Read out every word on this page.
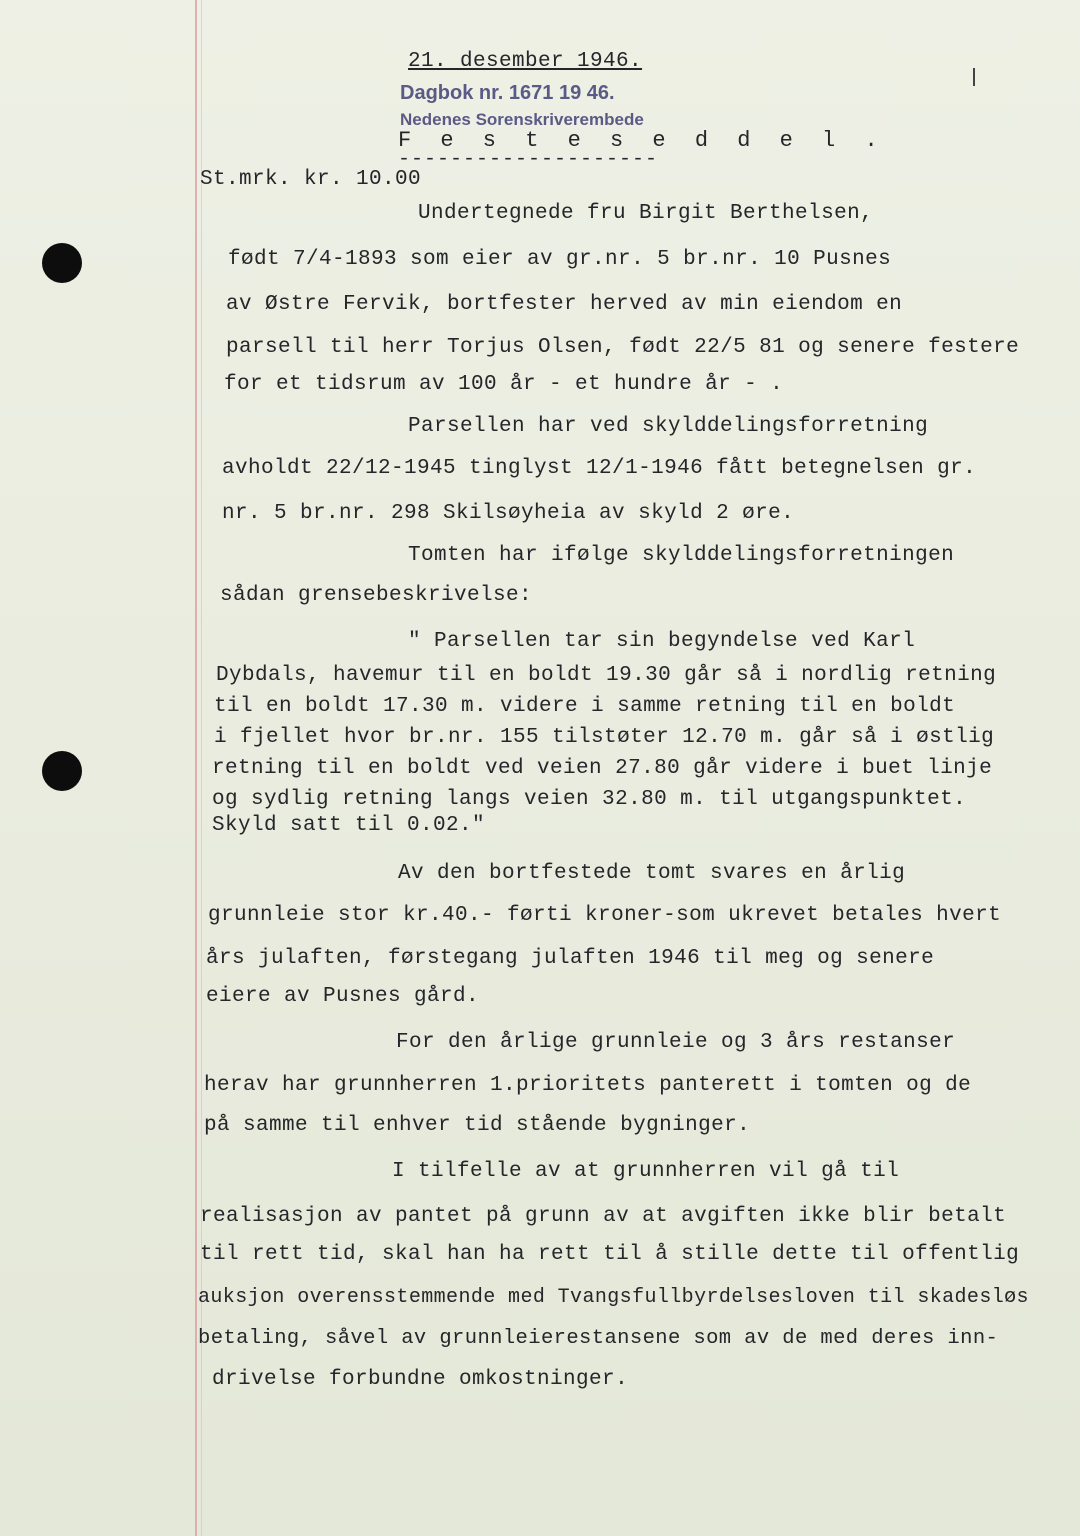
21. desember 1946.
Dagbok nr. 1671 19 46.
Nedenes Sorenskriverembede
F e s t e s e d d e l .
--------------------
St.mrk. kr. 10.00
Undertegnede fru Birgit Berthelsen,
født 7/4-1893 som eier av gr.nr. 5 br.nr. 10 Pusnes
av Østre Fervik, bortfester herved av min eiendom en
parsell til herr Torjus Olsen, født 22/5 81 og senere festere
for et tidsrum av 100 år - et hundre år - .
Parsellen har ved skylddelingsforretning
avholdt 22/12-1945 tinglyst 12/1-1946 fått betegnelsen gr.
nr. 5 br.nr. 298 Skilsøyheia av skyld 2 øre.
Tomten har ifølge skylddelingsforretningen
sådan grensebeskrivelse:
" Parsellen tar sin begyndelse ved Karl
Dybdals, havemur til en boldt 19.30 går så i nordlig retning
til en boldt 17.30 m. videre i samme retning til en boldt
i fjellet hvor br.nr. 155 tilstøter 12.70 m. går så i østlig
retning til en boldt ved veien 27.80 går videre i buet linje
og sydlig retning langs veien 32.80 m. til utgangspunktet.
Skyld satt til 0.02."
Av den bortfestede tomt svares en årlig
grunnleie stor kr.40.- førti kroner-som ukrevet betales hvert
års julaften, førstegang julaften 1946 til meg og senere
eiere av Pusnes gård.
For den årlige grunnleie og 3 års restanser
herav har grunnherren 1.prioritets panterett i tomten og de
på samme til enhver tid stående bygninger.
I tilfelle av at grunnherren vil gå til
realisasjon av pantet på grunn av at avgiften ikke blir betalt
til rett tid, skal han ha rett til å stille dette til offentlig
auksjon overensstemmende med Tvangsfullbyrdelsesloven til skadesløs
betaling, såvel av grunnleierestansene som av de med deres inn-
drivelse forbundne omkostninger.
